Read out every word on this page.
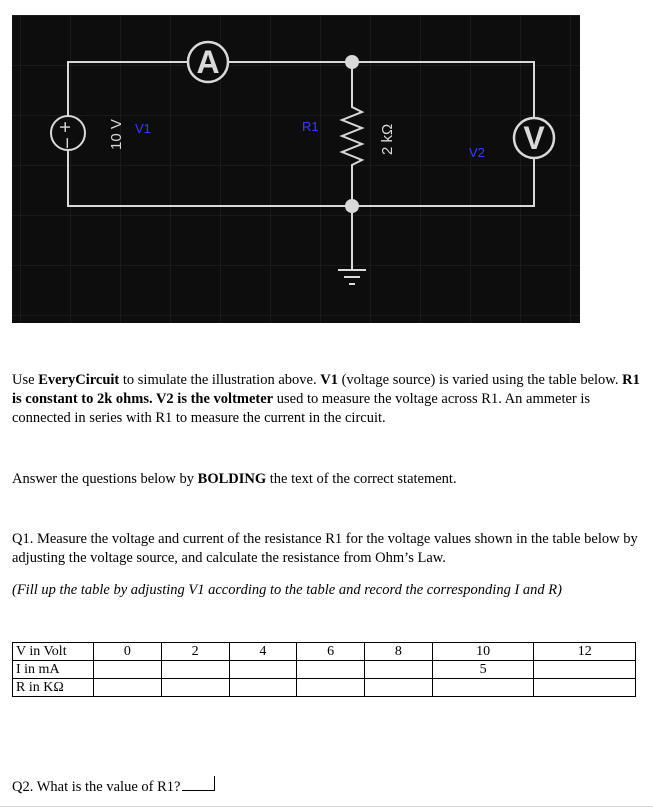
A
+
− 10 V V1	R1	2 kΩ	V
V2
Use EveryCircuit to simulate the illustration above. V1 (voltage source) is varied using the table below. R1 is constant to 2k ohms. V2 is the voltmeter used to measure the voltage across R1. An ammeter is connected in series with R1 to measure the current in the circuit.
Answer the questions below by BOLDING the text of the correct statement.
Q1. Measure the voltage and current of the resistance R1 for the voltage values shown in the table below by adjusting the voltage source, and calculate the resistance from Ohm’s Law.
(Fill up the table by adjusting V1 according to the table and record the corresponding I and R)
V in Volt	0	2	4	6	8	10	12
I in mA						5	
R in KΩ							
Q2. What is the value of R1?
